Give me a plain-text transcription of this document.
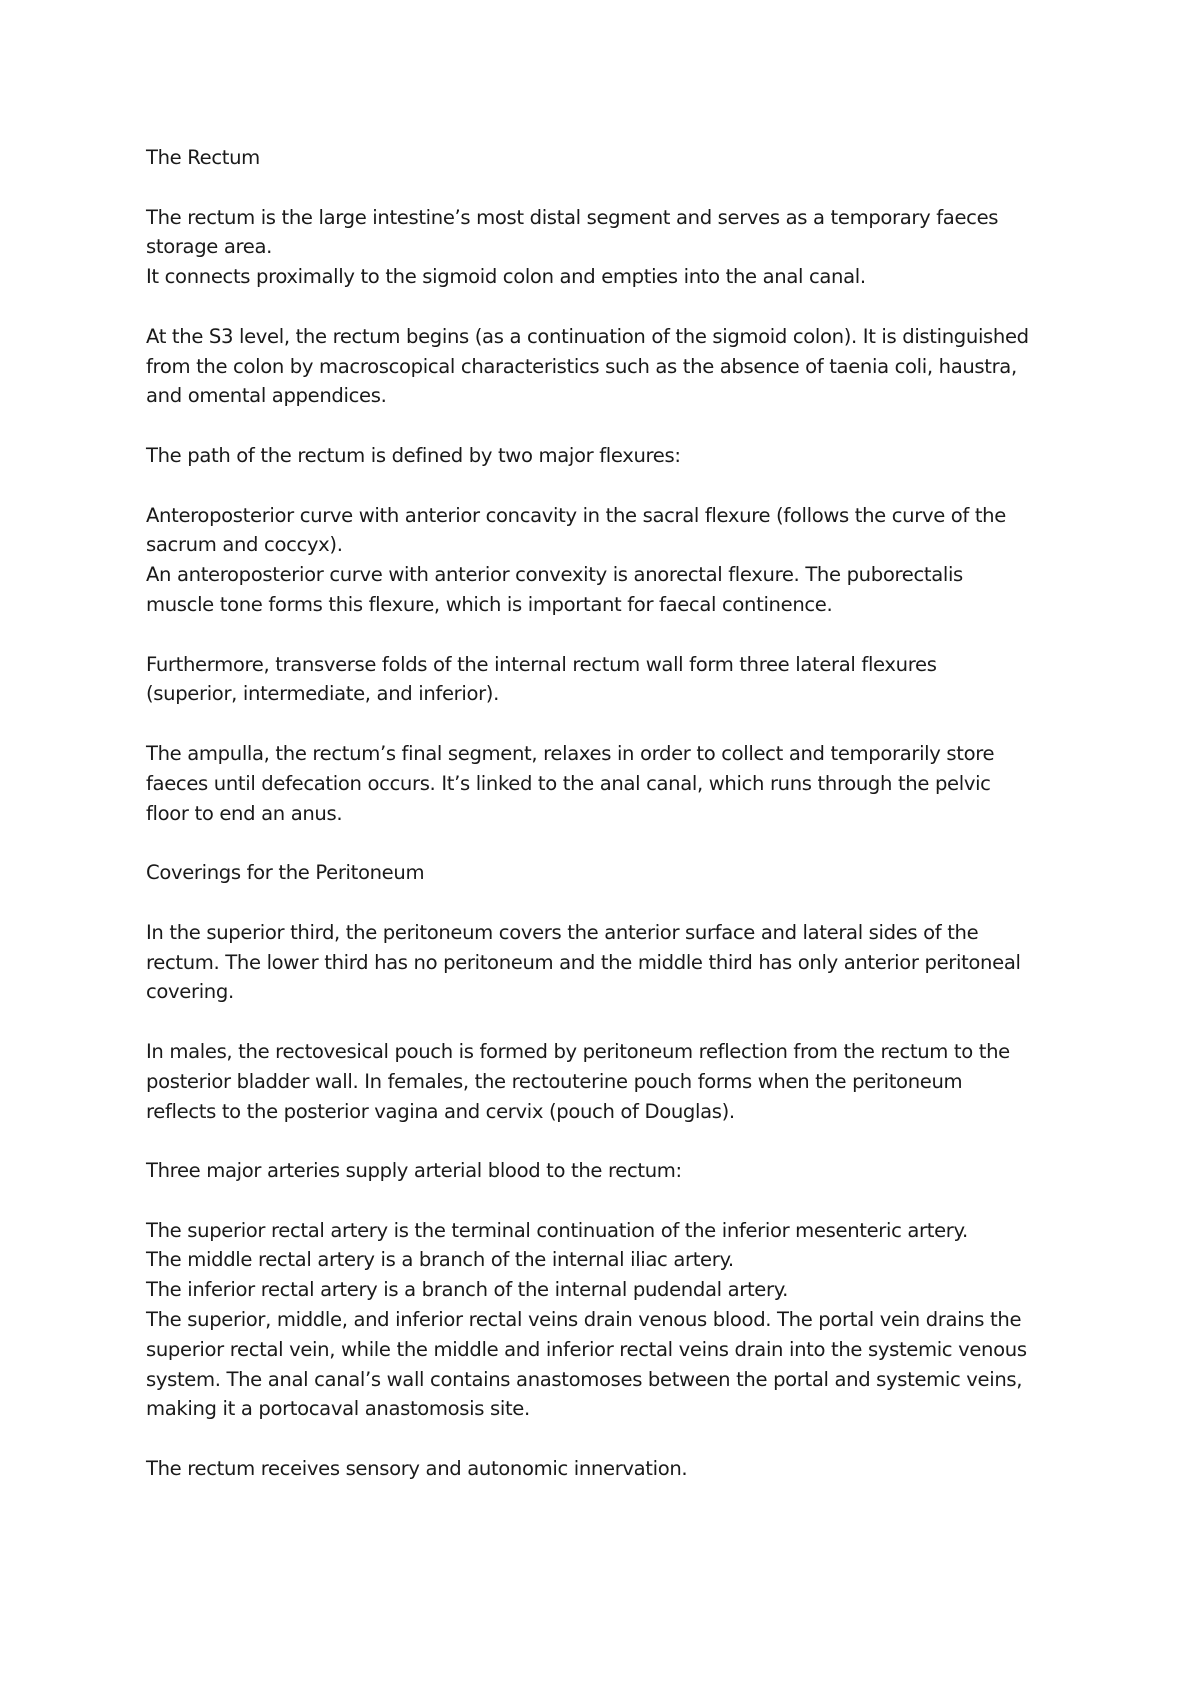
The Rectum
The rectum is the large intestine’s most distal segment and serves as a temporary faeces
storage area.
It connects proximally to the sigmoid colon and empties into the anal canal.
At the S3 level, the rectum begins (as a continuation of the sigmoid colon). It is distinguished
from the colon by macroscopical characteristics such as the absence of taenia coli, haustra,
and omental appendices.
The path of the rectum is defined by two major flexures:
Anteroposterior curve with anterior concavity in the sacral flexure (follows the curve of the
sacrum and coccyx).
An anteroposterior curve with anterior convexity is anorectal flexure. The puborectalis
muscle tone forms this flexure, which is important for faecal continence.
Furthermore, transverse folds of the internal rectum wall form three lateral flexures
(superior, intermediate, and inferior).
The ampulla, the rectum’s final segment, relaxes in order to collect and temporarily store
faeces until defecation occurs. It’s linked to the anal canal, which runs through the pelvic
floor to end an anus.
Coverings for the Peritoneum
In the superior third, the peritoneum covers the anterior surface and lateral sides of the
rectum. The lower third has no peritoneum and the middle third has only anterior peritoneal
covering.
In males, the rectovesical pouch is formed by peritoneum reflection from the rectum to the
posterior bladder wall. In females, the rectouterine pouch forms when the peritoneum
reflects to the posterior vagina and cervix (pouch of Douglas).
Three major arteries supply arterial blood to the rectum:
The superior rectal artery is the terminal continuation of the inferior mesenteric artery.
The middle rectal artery is a branch of the internal iliac artery.
The inferior rectal artery is a branch of the internal pudendal artery.
The superior, middle, and inferior rectal veins drain venous blood. The portal vein drains the
superior rectal vein, while the middle and inferior rectal veins drain into the systemic venous
system. The anal canal’s wall contains anastomoses between the portal and systemic veins,
making it a portocaval anastomosis site.
The rectum receives sensory and autonomic innervation.
